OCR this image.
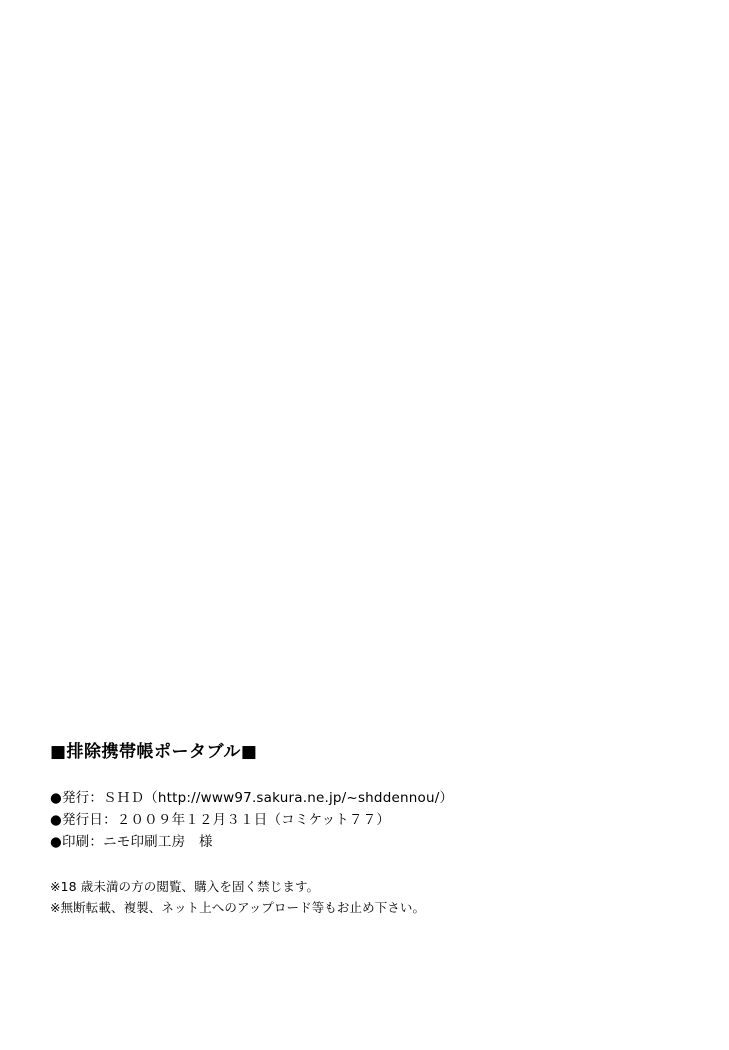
■排除携帯帳ポータブル■
●発行：ＳＨＤ（http://www97.sakura.ne.jp/~shddennou/）
●発行日：２００９年１２月３１日（コミケット７７）
●印刷：ニモ印刷工房　様
※18 歳未満の方の閲覧、購入を固く禁じます。
※無断転載、複製、ネット上へのアップロード等もお止め下さい。
